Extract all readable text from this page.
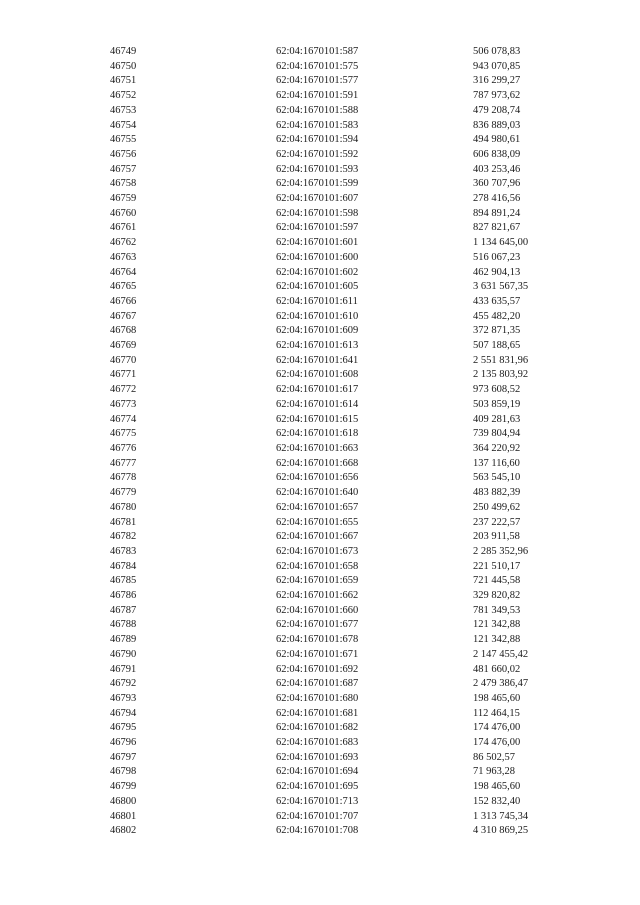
46749	62:04:1670101:587	506 078,83
46750	62:04:1670101:575	943 070,85
46751	62:04:1670101:577	316 299,27
46752	62:04:1670101:591	787 973,62
46753	62:04:1670101:588	479 208,74
46754	62:04:1670101:583	836 889,03
46755	62:04:1670101:594	494 980,61
46756	62:04:1670101:592	606 838,09
46757	62:04:1670101:593	403 253,46
46758	62:04:1670101:599	360 707,96
46759	62:04:1670101:607	278 416,56
46760	62:04:1670101:598	894 891,24
46761	62:04:1670101:597	827 821,67
46762	62:04:1670101:601	1 134 645,00
46763	62:04:1670101:600	516 067,23
46764	62:04:1670101:602	462 904,13
46765	62:04:1670101:605	3 631 567,35
46766	62:04:1670101:611	433 635,57
46767	62:04:1670101:610	455 482,20
46768	62:04:1670101:609	372 871,35
46769	62:04:1670101:613	507 188,65
46770	62:04:1670101:641	2 551 831,96
46771	62:04:1670101:608	2 135 803,92
46772	62:04:1670101:617	973 608,52
46773	62:04:1670101:614	503 859,19
46774	62:04:1670101:615	409 281,63
46775	62:04:1670101:618	739 804,94
46776	62:04:1670101:663	364 220,92
46777	62:04:1670101:668	137 116,60
46778	62:04:1670101:656	563 545,10
46779	62:04:1670101:640	483 882,39
46780	62:04:1670101:657	250 499,62
46781	62:04:1670101:655	237 222,57
46782	62:04:1670101:667	203 911,58
46783	62:04:1670101:673	2 285 352,96
46784	62:04:1670101:658	221 510,17
46785	62:04:1670101:659	721 445,58
46786	62:04:1670101:662	329 820,82
46787	62:04:1670101:660	781 349,53
46788	62:04:1670101:677	121 342,88
46789	62:04:1670101:678	121 342,88
46790	62:04:1670101:671	2 147 455,42
46791	62:04:1670101:692	481 660,02
46792	62:04:1670101:687	2 479 386,47
46793	62:04:1670101:680	198 465,60
46794	62:04:1670101:681	112 464,15
46795	62:04:1670101:682	174 476,00
46796	62:04:1670101:683	174 476,00
46797	62:04:1670101:693	86 502,57
46798	62:04:1670101:694	71 963,28
46799	62:04:1670101:695	198 465,60
46800	62:04:1670101:713	152 832,40
46801	62:04:1670101:707	1 313 745,34
46802	62:04:1670101:708	4 310 869,25
